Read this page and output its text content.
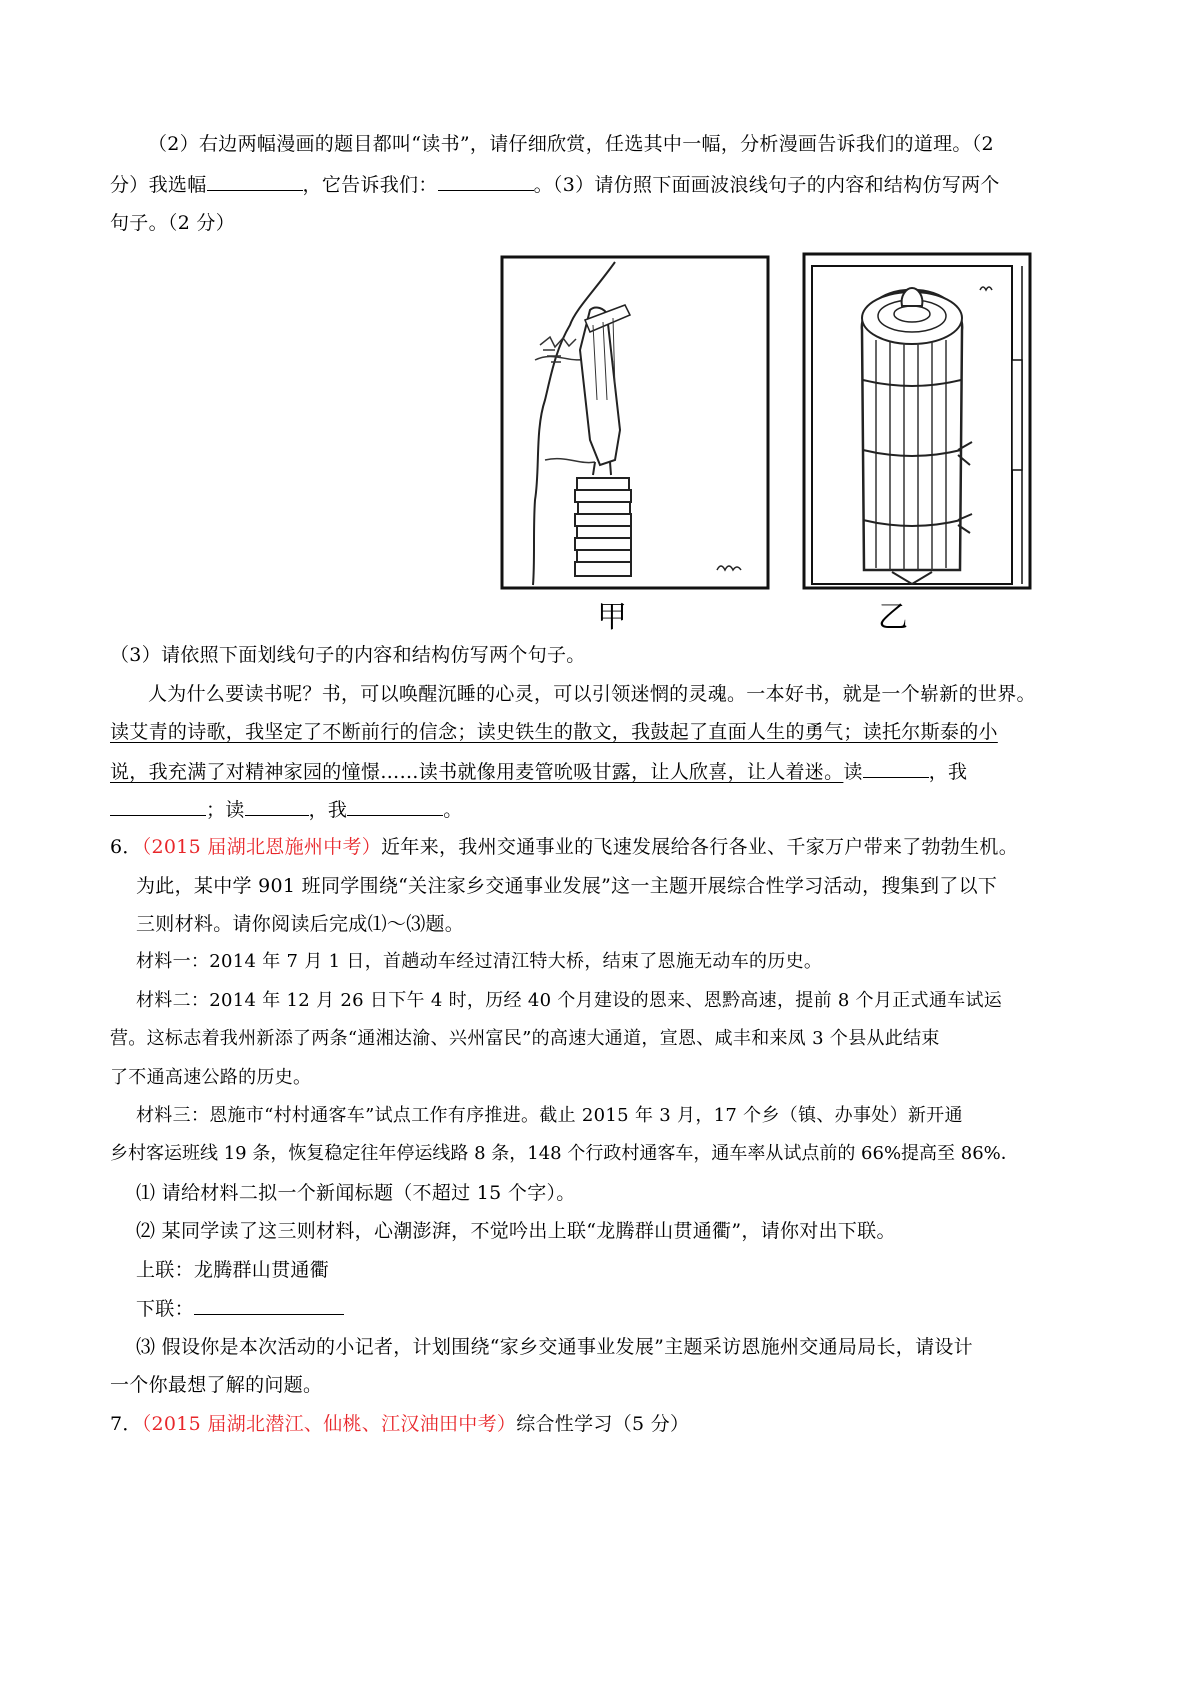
（2）右边两幅漫画的题目都叫“读书”，请仔细欣赏，任选其中一幅，分析漫画告诉我们的道理。（2
分）我选幅	，它告诉我们：	。（3）请仿照下面画波浪线句子的内容和结构仿写两个
句子。（2 分）
甲	乙
（3）请依照下面划线句子的内容和结构仿写两个句子。
人为什么要读书呢？书，可以唤醒沉睡的心灵，可以引领迷惘的灵魂。一本好书，就是一个崭新的世界。
读艾青的诗歌，我坚定了不断前行的信念；读史铁生的散文，我鼓起了直面人生的勇气；读托尔斯泰的小
说，我充满了对精神家园的憧憬……读书就像用麦管吮吸甘露，让人欣喜，让人着迷。读	，我
；读	，我	。
6．（2015 届湖北恩施州中考）近年来，我州交通事业的飞速发展给各行各业、千家万户带来了勃勃生机。
为此，某中学 901 班同学围绕“关注家乡交通事业发展”这一主题开展综合性学习活动，搜集到了以下
三则材料。请你阅读后完成⑴～⑶题。
材料一：2014 年 7 月 1 日，首趟动车经过清江特大桥，结束了恩施无动车的历史。
材料二：2014 年 12 月 26 日下午 4 时，历经 40 个月建设的恩来、恩黔高速，提前 8 个月正式通车试运
营。这标志着我州新添了两条“通湘达渝、兴州富民”的高速大通道，宣恩、咸丰和来凤 3 个县从此结束
了不通高速公路的历史。
材料三：恩施市“村村通客车”试点工作有序推进。截止 2015 年 3 月，17 个乡（镇、办事处）新开通
乡村客运班线 19 条，恢复稳定往年停运线路 8 条，148 个行政村通客车，通车率从试点前的 66%提高至 86%．
⑴ 请给材料二拟一个新闻标题（不超过 15 个字）。
⑵ 某同学读了这三则材料，心潮澎湃，不觉吟出上联“龙腾群山贯通衢”，请你对出下联。
上联：龙腾群山贯通衢
下联：
⑶ 假设你是本次活动的小记者，计划围绕“家乡交通事业发展”主题采访恩施州交通局局长，请设计
一个你最想了解的问题。
7．（2015 届湖北潜江、仙桃、江汉油田中考）综合性学习（5 分）
